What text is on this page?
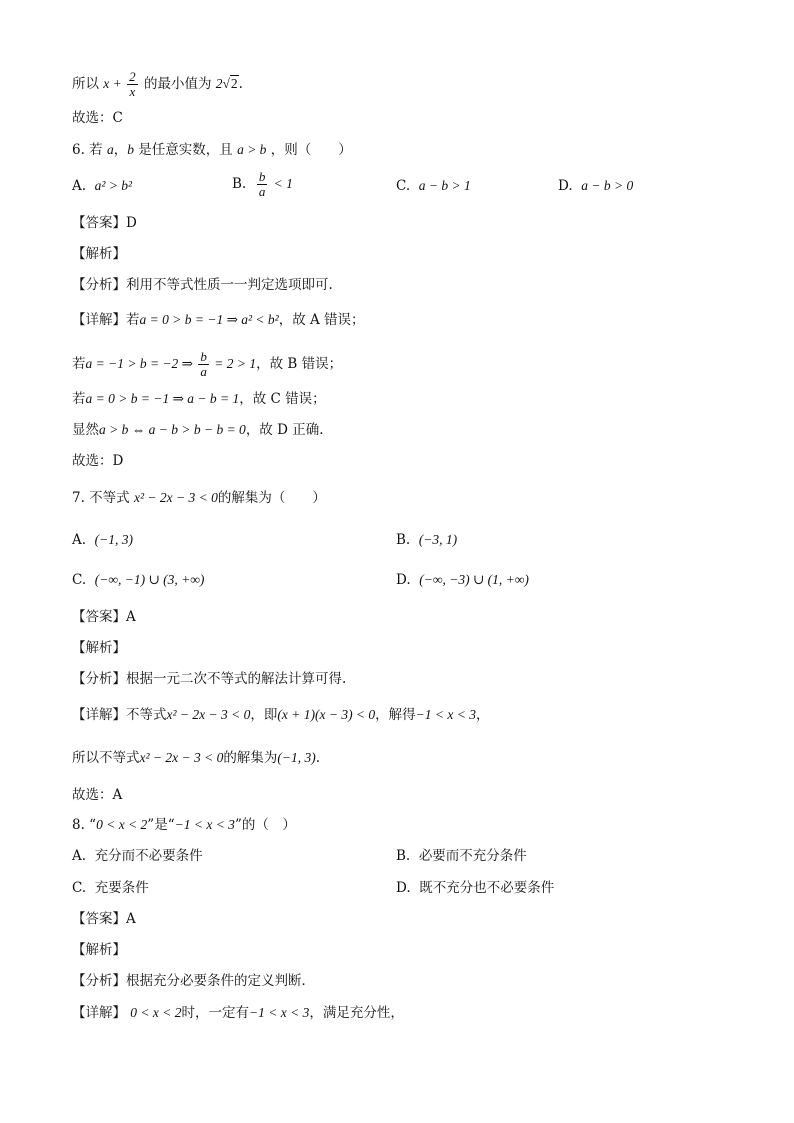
所以 $x + \frac{2}{x}$ 的最小值为 2√2.
故选：C
6. 若 a，b 是任意实数，且 a > b ，则（　　）
A. a² > b²	B. $\frac{b}{a} < 1$	C. a − b > 1	D. a − b > 0
【答案】D
【解析】
【分析】利用不等式性质一一判定选项即可.
【详解】若a = 0 > b = −1 ⇒ a² < b²，故 A 错误；
若a = −1 > b = −2 ⇒ $\frac{b}{a} = 2 > 1$，故 B 错误；
若a = 0 > b = −1 ⇒ a − b = 1，故 C 错误；
显然a > b ⇔ a − b > b − b = 0，故 D 正确.
故选：D
7. 不等式 x² − 2x − 3 < 0的解集为（　　）
A. (−1, 3)	B. (−3, 1)
C. (−∞, −1) ∪ (3, +∞)	D. (−∞, −3) ∪ (1, +∞)
【答案】A
【解析】
【分析】根据一元二次不等式的解法计算可得.
【详解】不等式x² − 2x − 3 < 0，即(x + 1)(x − 3) < 0，解得−1 < x < 3，
所以不等式x² − 2x − 3 < 0的解集为(−1, 3).
故选：A
8. “0 < x < 2”是“−1 < x < 3”的（　）
A. 充分而不必要条件	B. 必要而不充分条件
C. 充要条件	D. 既不充分也不必要条件
【答案】A
【解析】
【分析】根据充分必要条件的定义判断．
【详解】 0 < x < 2时，一定有−1 < x < 3，满足充分性，
